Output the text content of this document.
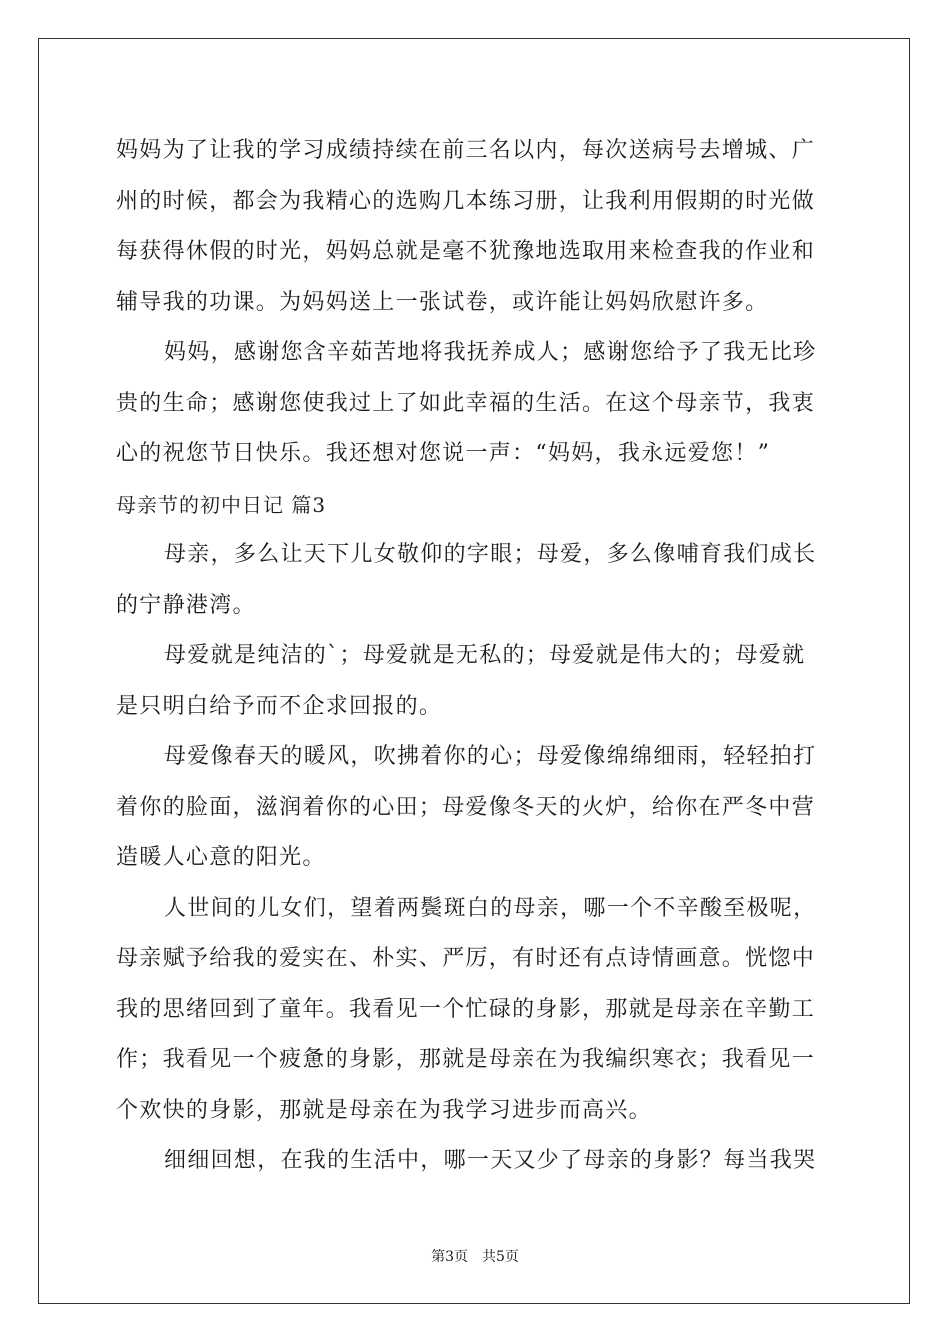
妈妈为了让我的学习成绩持续在前三名以内，每次送病号去增城、广
州的时候，都会为我精心的选购几本练习册，让我利用假期的时光做
每获得休假的时光，妈妈总就是毫不犹豫地选取用来检查我的作业和
辅导我的功课。为妈妈送上一张试卷，或许能让妈妈欣慰许多。
妈妈，感谢您含辛茹苦地将我抚养成人；感谢您给予了我无比珍
贵的生命；感谢您使我过上了如此幸福的生活。在这个母亲节，我衷
心的祝您节日快乐。我还想对您说一声：“妈妈，我永远爱您！”
母亲节的初中日记 篇3
母亲，多么让天下儿女敬仰的字眼；母爱，多么像哺育我们成长
的宁静港湾。
母爱就是纯洁的`；母爱就是无私的；母爱就是伟大的；母爱就
是只明白给予而不企求回报的。
母爱像春天的暖风，吹拂着你的心；母爱像绵绵细雨，轻轻拍打
着你的脸面，滋润着你的心田；母爱像冬天的火炉，给你在严冬中营
造暖人心意的阳光。
人世间的儿女们，望着两鬓斑白的母亲，哪一个不辛酸至极呢，
母亲赋予给我的爱实在、朴实、严厉，有时还有点诗情画意。恍惚中
我的思绪回到了童年。我看见一个忙碌的身影，那就是母亲在辛勤工
作；我看见一个疲惫的身影，那就是母亲在为我编织寒衣；我看见一
个欢快的身影，那就是母亲在为我学习进步而高兴。
细细回想，在我的生活中，哪一天又少了母亲的身影？每当我哭
第3页　共5页
